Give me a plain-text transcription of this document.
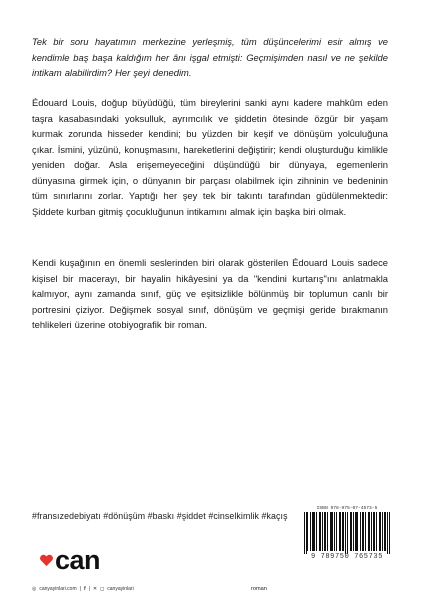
Tek bir soru hayatımın merkezine yerleşmiş, tüm düşüncelerimi esir almış ve kendimle baş başa kaldığım her ânı işgal etmişti: Geçmişimden nasıl ve ne şekilde intikam alabilirdim? Her şeyi denedim.

Édouard Louis, doğup büyüdüğü, tüm bireylerini sanki aynı kadere mahkûm eden taşra kasabasındaki yoksulluk, ayrımcılık ve şiddetin ötesinde özgür bir yaşam kurmak zorunda hissеder kendini; bu yüzden bir keşif ve dönüşüm yolculuğuna çıkar. İsmini, yüzünü, konuşmasını, hareketlerini değiştirir; kendi oluşturduğu kimlikle yeniden doğar. Asla erişemeyeceğini düşündüğü bir dünyaya, egemenlerin dünyasına girmek için, o dünyanın bir parçası olabilmek için zihninin ve bedeninin tüm sınırlarını zorlar. Yaptığı her şey tek bir takıntı tarafından güdülenmektedir: Şiddete kurban gitmiş çocukluğunun intikamını almak için başka biri olmak.

Kendi kuşağının en önemli seslerinden biri olarak gösterilen Édouard Louis sadece kişisel bir macerayı, bir hayalin hikâyesini ya da "kendini kurtarış"ını anlatmakla kalmıyor, aynı zamanda sınıf, güç ve eşitsizlikle bölünmüş bir toplumun canlı bir portresini çiziyor. Değişmek sosyal sınıf, dönüşüm ve geçmişi geride bırakmanın tehlikeleri üzerine otobiyografik bir roman.

#fransızedebiyatı #dönüşüm #baskı #şiddet #cinselkimlik #kaçış
ISBN 978-975-07-4573-5
9 789750 765735
can
◎ canyayinlari.com | f | ✕ ◻ canyayinlari	roman
